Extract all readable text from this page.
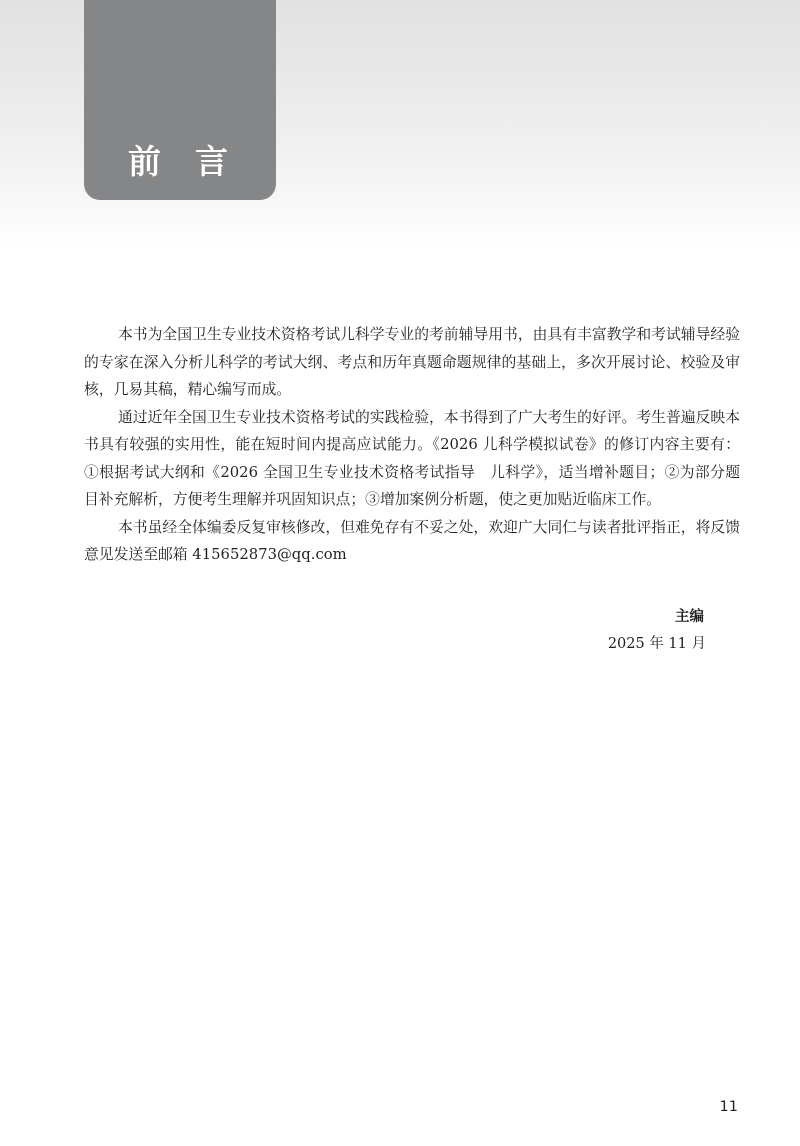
前言

本书为全国卫生专业技术资格考试儿科学专业的考前辅导用书，由具有丰富教学和考试辅导经验的专家在深入分析儿科学的考试大纲、考点和历年真题命题规律的基础上，多次开展讨论、校验及审核，几易其稿，精心编写而成。

通过近年全国卫生专业技术资格考试的实践检验，本书得到了广大考生的好评。考生普遍反映本书具有较强的实用性，能在短时间内提高应试能力。《2026 儿科学模拟试卷》的修订内容主要有：①根据考试大纲和《2026 全国卫生专业技术资格考试指导　儿科学》，适当增补题目；②为部分题目补充解析，方便考生理解并巩固知识点；③增加案例分析题，使之更加贴近临床工作。

本书虽经全体编委反复审核修改，但难免存有不妥之处，欢迎广大同仁与读者批评指正，将反馈意见发送至邮箱 415652873@qq.com

主编

2025 年 11 月

11
